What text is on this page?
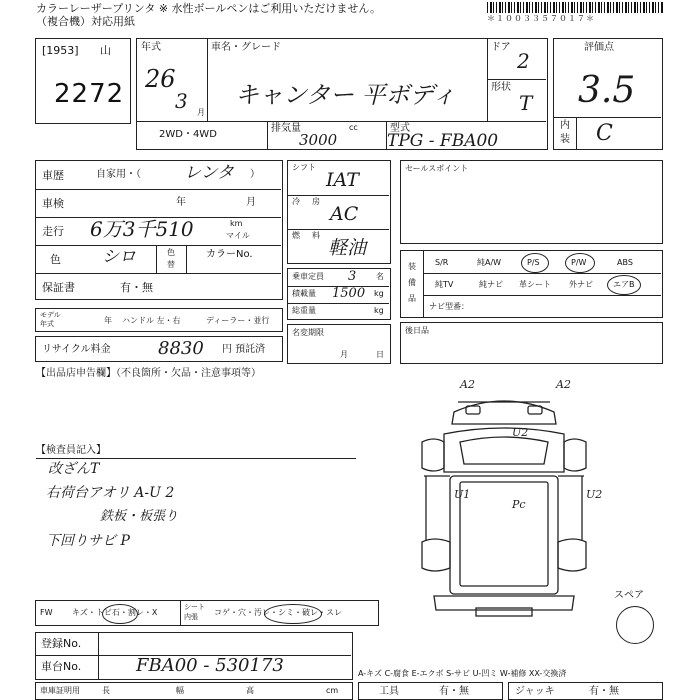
カラーレーザープリンタ ※ 水性ボールペンはご利用いただけません。
（複合機）対応用紙	＊１００３３５７０１７＊
[1953] 山
2272
年式
26
3 月
車名・グレード
キャンター 平ボディ
ドア
2
形状
T
2WD・4WD
排気量	cc
3000
型式
TPG - FBA00
評価点
3.5
内
装 C
車歴	自家用・（	レンタ ）
車検	年	月
走行 6万3千510	km
マイル
色 シロ	色
替
カラーNo.
保証書	有・無
モデル
年式	年 ハンドル 左・右	ディーラー・並行
リサイクル料金	8830 円 預託済
シフト
IAT
冷 房
AC
燃 料
軽油
乗車定員 3 名
積載量 1500 kg
総重量	kg
名変期限
月	日
セールスポイント
装
備
品
S/R	純A/W	P/S	P/W	ABS
純TV	純ナビ 革シート 外ナビ	エアB
ナビ型番：
後日品
【出品店申告欄】（不良箇所・欠品・注意事項等）
【検査員記入】
改ざんT
右荷台アオリ A-U 2
鉄板・板張り
下回りサビ P
A2	A2
U2
U1
Pc
U2
スペア
FW キズ・トビ石・割レ・X
シート
内張 コゲ・穴・汚レ・シミ・破レ・スレ
登録No.
車台No.	FBA00 - 530173
車庫証明用	長	幅	高	cm
A-キズ C-腐食 E-エクボ S-サビ U-凹ミ W-補修 XX-交換済
工具	有・無	ジャッキ	有・無
